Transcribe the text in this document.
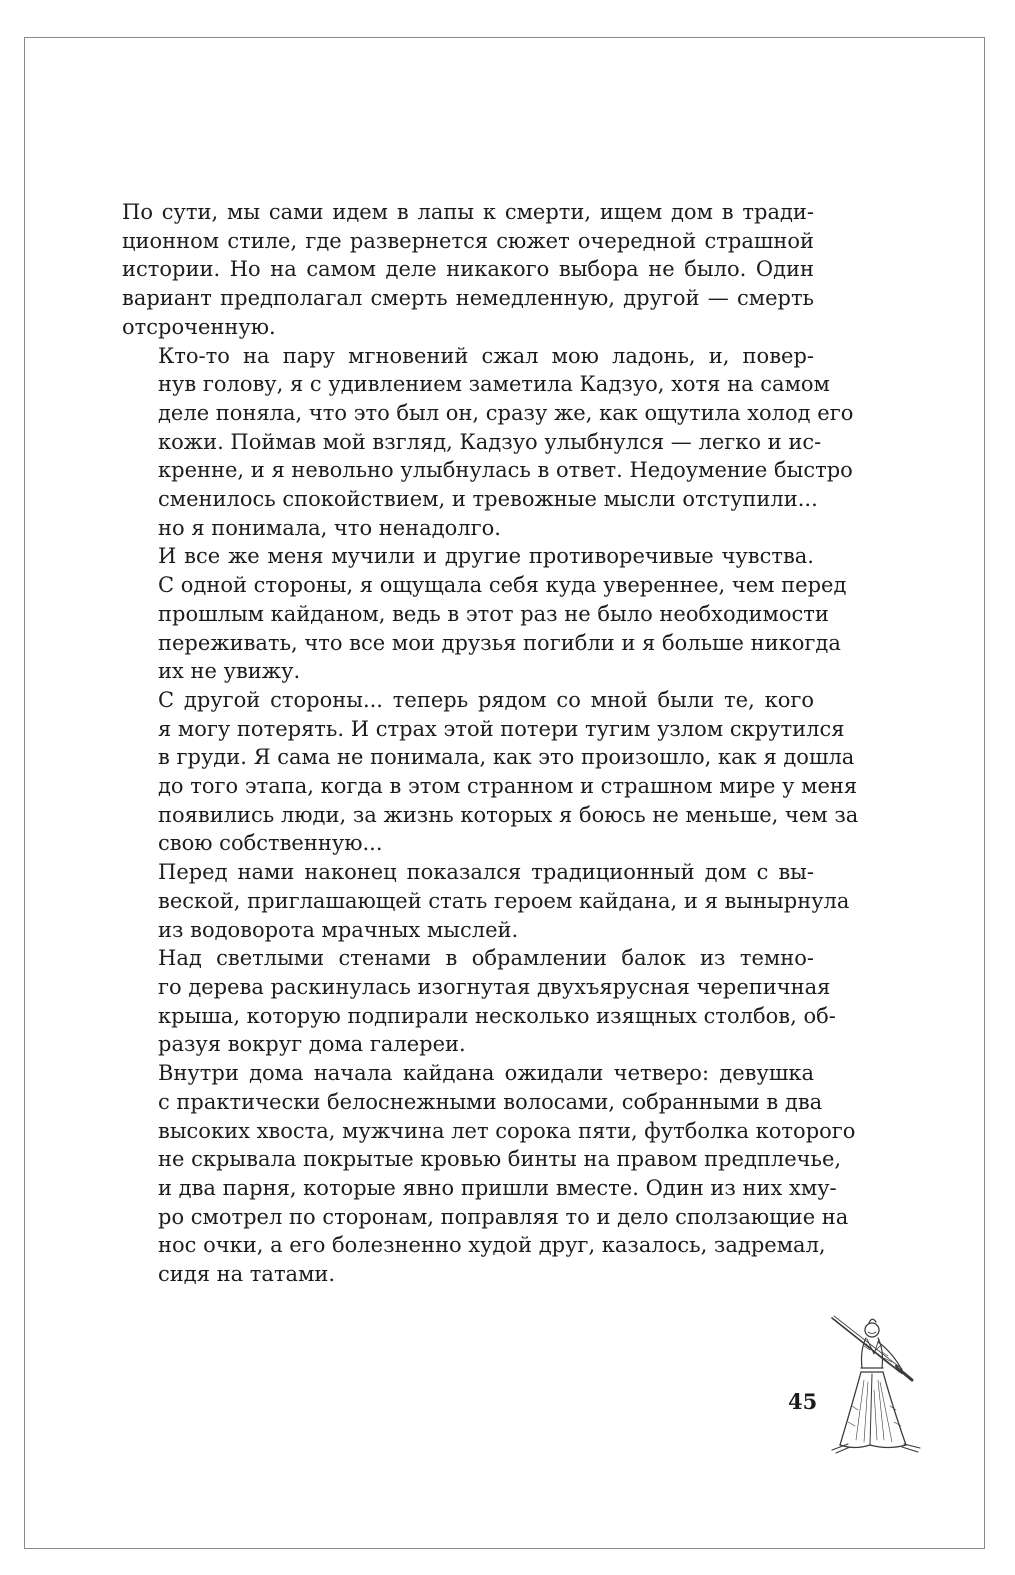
По сути, мы сами идем в лапы к смерти, ищем дом в тради-
ционном стиле, где развернется сюжет очередной страшной
истории. Но на самом деле никакого выбора не было. Один
вариант предполагал смерть немедленную, другой — смерть
отсроченную.

Кто-то на пару мгновений сжал мою ладонь, и, повер-
нув голову, я с удивлением заметила Кадзуо, хотя на самом
деле поняла, что это был он, сразу же, как ощутила холод его
кожи. Поймав мой взгляд, Кадзуо улыбнулся — легко и ис-
кренне, и я невольно улыбнулась в ответ. Недоумение быстро
сменилось спокойствием, и тревожные мысли отступили...
но я понимала, что ненадолго.

И все же меня мучили и другие противоречивые чувства.
С одной стороны, я ощущала себя куда увереннее, чем перед
прошлым кайданом, ведь в этот раз не было необходимости
переживать, что все мои друзья погибли и я больше никогда
их не увижу.

С другой стороны... теперь рядом со мной были те, кого
я могу потерять. И страх этой потери тугим узлом скрутился
в груди. Я сама не понимала, как это произошло, как я дошла
до того этапа, когда в этом странном и страшном мире у меня
появились люди, за жизнь которых я боюсь не меньше, чем за
свою собственную...

Перед нами наконец показался традиционный дом с вы-
веской, приглашающей стать героем кайдана, и я вынырнула
из водоворота мрачных мыслей.

Над светлыми стенами в обрамлении балок из темно-
го дерева раскинулась изогнутая двухъярусная черепичная
крыша, которую подпирали несколько изящных столбов, об-
разуя вокруг дома галереи.

Внутри дома начала кайдана ожидали четверо: девушка
с практически белоснежными волосами, собранными в два
высоких хвоста, мужчина лет сорока пяти, футболка которого
не скрывала покрытые кровью бинты на правом предплечье,
и два парня, которые явно пришли вместе. Один из них хму-
ро смотрел по сторонам, поправляя то и дело сползающие на
нос очки, а его болезненно худой друг, казалось, задремал,
сидя на татами.

45
